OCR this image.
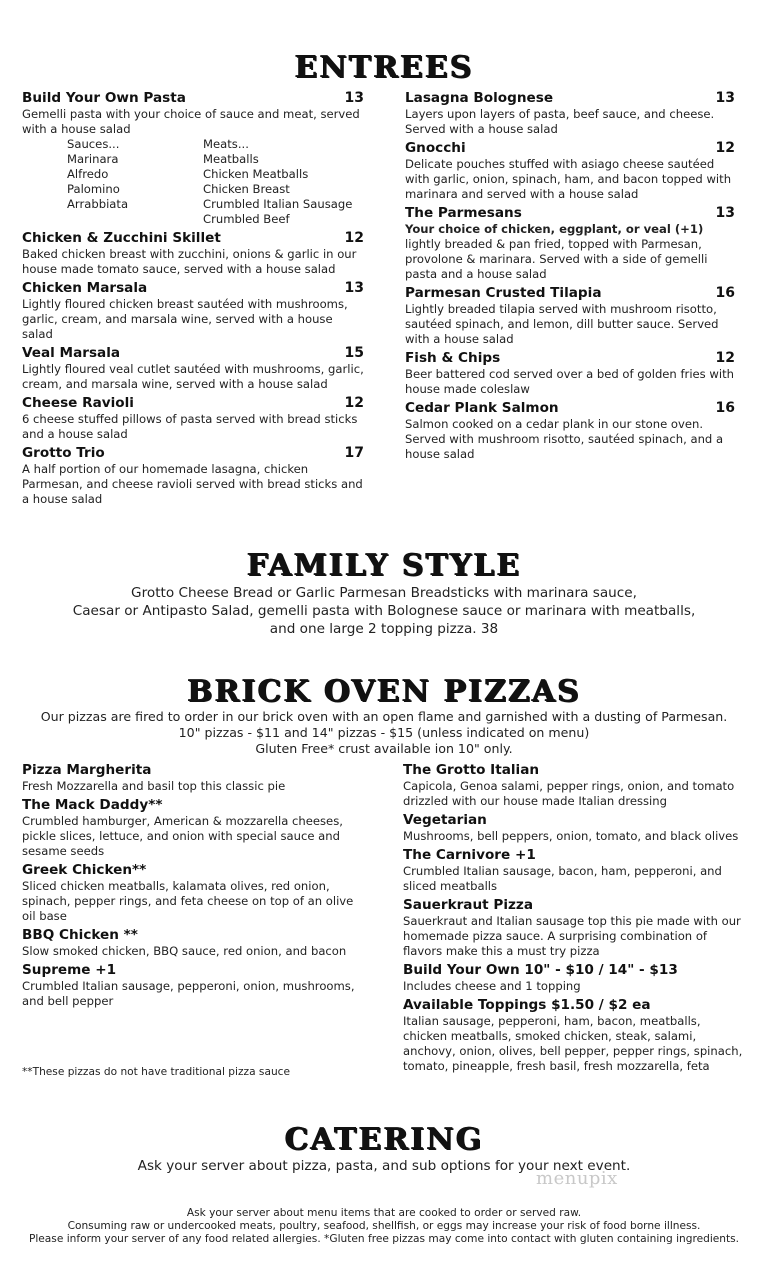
ENTREES
Build Your Own Pasta	13
Gemelli pasta with your choice of sauce and meat, served with a house salad
Sauces...
Marinara
Alfredo
Palomino
Arrabbiata
Meats...
Meatballs
Chicken Meatballs
Chicken Breast
Crumbled Italian Sausage
Crumbled Beef
Chicken & Zucchini Skillet	12
Baked chicken breast with zucchini, onions & garlic in our house made tomato sauce, served with a house salad
Chicken Marsala	13
Lightly floured chicken breast sautéed with mushrooms, garlic, cream, and marsala wine, served with a house salad
Veal Marsala	15
Lightly floured veal cutlet sautéed with mushrooms, garlic, cream, and marsala wine, served with a house salad
Cheese Ravioli	12
6 cheese stuffed pillows of pasta served with bread sticks and a house salad
Grotto Trio	17
A half portion of our homemade lasagna, chicken Parmesan, and cheese ravioli served with bread sticks and a house salad
Lasagna Bolognese	13
Layers upon layers of pasta, beef sauce, and cheese. Served with a house salad
Gnocchi	12
Delicate pouches stuffed with asiago cheese sautéed with garlic, onion, spinach, ham, and bacon topped with marinara and served with a house salad
The Parmesans	13
Your choice of chicken, eggplant, or veal (+1) lightly breaded & pan fried, topped with Parmesan, provolone & marinara. Served with a side of gemelli pasta and a house salad
Parmesan Crusted Tilapia	16
Lightly breaded tilapia served with mushroom risotto, sautéed spinach, and lemon, dill butter sauce. Served with a house salad
Fish & Chips	12
Beer battered cod served over a bed of golden fries with house made coleslaw
Cedar Plank Salmon	16
Salmon cooked on a cedar plank in our stone oven. Served with mushroom risotto, sautéed spinach, and a house salad
FAMILY STYLE
Grotto Cheese Bread or Garlic Parmesan Breadsticks with marinara sauce,
Caesar or Antipasto Salad, gemelli pasta with Bolognese sauce or marinara with meatballs,
and one large 2 topping pizza. 38
BRICK OVEN PIZZAS
Our pizzas are fired to order in our brick oven with an open flame and garnished with a dusting of Parmesan.
10" pizzas - $11 and 14" pizzas - $15 (unless indicated on menu)
Gluten Free* crust available ion 10" only.
Pizza Margherita
Fresh Mozzarella and basil top this classic pie
The Mack Daddy**
Crumbled hamburger, American & mozzarella cheeses, pickle slices, lettuce, and onion with special sauce and sesame seeds
Greek Chicken**
Sliced chicken meatballs, kalamata olives, red onion, spinach, pepper rings, and feta cheese on top of an olive oil base
BBQ Chicken **
Slow smoked chicken, BBQ sauce, red onion, and bacon
Supreme +1
Crumbled Italian sausage, pepperoni, onion, mushrooms, and bell pepper
**These pizzas do not have traditional pizza sauce
The Grotto Italian
Capicola, Genoa salami, pepper rings, onion, and tomato drizzled with our house made Italian dressing
Vegetarian
Mushrooms, bell peppers, onion, tomato, and black olives
The Carnivore +1
Crumbled Italian sausage, bacon, ham, pepperoni, and sliced meatballs
Sauerkraut Pizza
Sauerkraut and Italian sausage top this pie made with our homemade pizza sauce. A surprising combination of flavors make this a must try pizza
Build Your Own 10" - $10 / 14" - $13
Includes cheese and 1 topping
Available Toppings $1.50 / $2 ea
Italian sausage, pepperoni, ham, bacon, meatballs, chicken meatballs, smoked chicken, steak, salami, anchovy, onion, olives, bell pepper, pepper rings, spinach, tomato, pineapple, fresh basil, fresh mozzarella, feta
CATERING
Ask your server about pizza, pasta, and sub options for your next event.
menupix
Ask your server about menu items that are cooked to order or served raw.
Consuming raw or undercooked meats, poultry, seafood, shellfish, or eggs may increase your risk of food borne illness.
Please inform your server of any food related allergies. *Gluten free pizzas may come into contact with gluten containing ingredients.
